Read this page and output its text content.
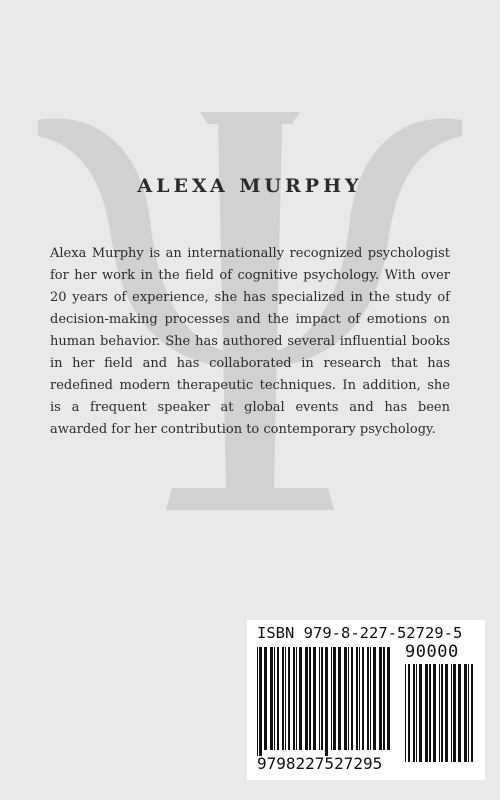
ALEXA MURPHY

Alexa Murphy is an internationally recognized psychologist for her work in the field of cognitive psychology. With over 20 years of experience, she has specialized in the study of decision-making processes and the impact of emotions on human behavior. She has authored several influential books in her field and has collaborated in research that has redefined modern therapeutic techniques. In addition, she is a frequent speaker at global events and has been awarded for her contribution to contemporary psychology.

ISBN 979-8-227-52729-5
90000
9798227527295
